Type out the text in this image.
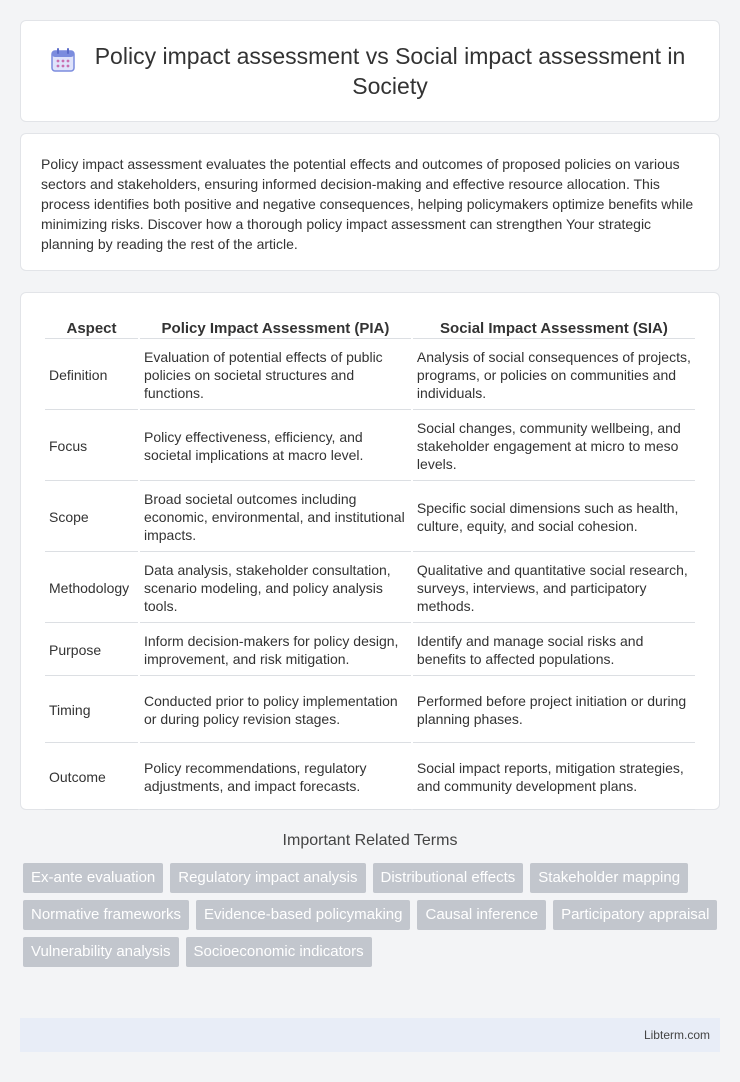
Policy impact assessment vs Social impact assessment in Society

Policy impact assessment evaluates the potential effects and outcomes of proposed policies on various sectors and stakeholders, ensuring informed decision-making and effective resource allocation. This process identifies both positive and negative consequences, helping policymakers optimize benefits while minimizing risks. Discover how a thorough policy impact assessment can strengthen Your strategic planning by reading the rest of the article.

Aspect	Policy Impact Assessment (PIA)	Social Impact Assessment (SIA)
Definition	Evaluation of potential effects of public policies on societal structures and functions.	Analysis of social consequences of projects, programs, or policies on communities and individuals.
Focus	Policy effectiveness, efficiency, and societal implications at macro level.	Social changes, community wellbeing, and stakeholder engagement at micro to meso levels.
Scope	Broad societal outcomes including economic, environmental, and institutional impacts.	Specific social dimensions such as health, culture, equity, and social cohesion.
Methodology	Data analysis, stakeholder consultation, scenario modeling, and policy analysis tools.	Qualitative and quantitative social research, surveys, interviews, and participatory methods.
Purpose	Inform decision-makers for policy design, improvement, and risk mitigation.	Identify and manage social risks and benefits to affected populations.
Timing	Conducted prior to policy implementation or during policy revision stages.	Performed before project initiation or during planning phases.
Outcome	Policy recommendations, regulatory adjustments, and impact forecasts.	Social impact reports, mitigation strategies, and community development plans.
Important Related Terms
Ex-ante evaluation	Regulatory impact analysis	Distributional effects	Stakeholder mapping
Normative frameworks	Evidence-based policymaking	Causal inference	Participatory appraisal
Vulnerability analysis	Socioeconomic indicators
Libterm.com
